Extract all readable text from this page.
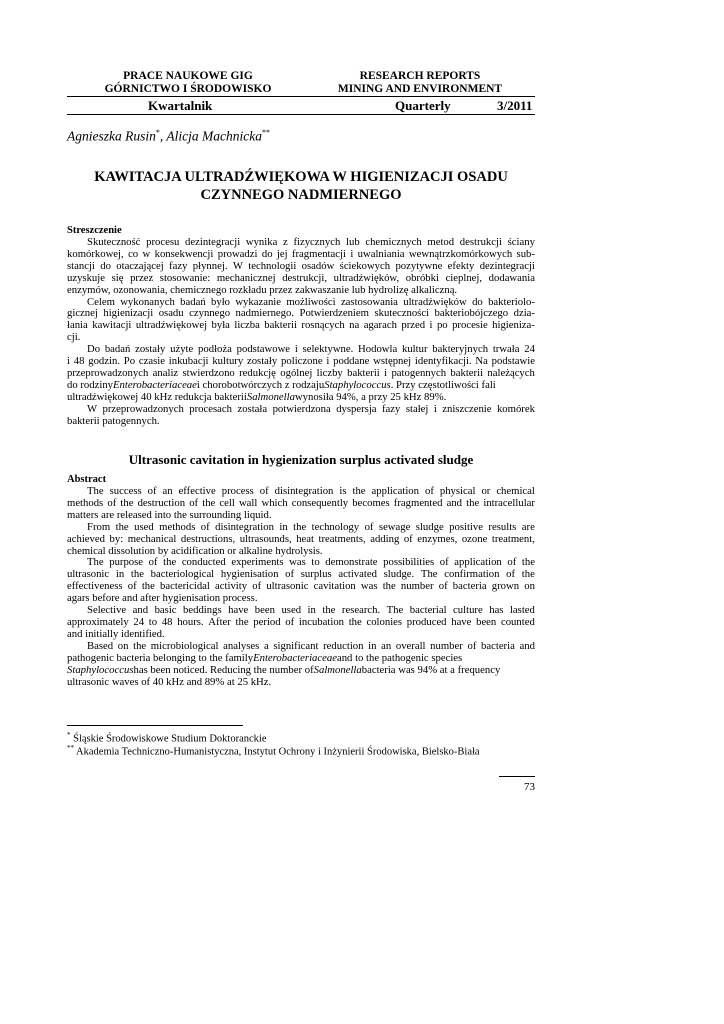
PRACE NAUKOWE GIG
GÓRNICTWO I ŚRODOWISKO
RESEARCH REPORTS
MINING AND ENVIRONMENT
Kwartalnik	Quarterly	3/2011
Agnieszka Rusin*, Alicja Machnicka**
KAWITACJA ULTRADŹWIĘKOWA W HIGIENIZACJI OSADU
CZYNNEGO NADMIERNEGO
Streszczenie
Skuteczność procesu dezintegracji wynika z fizycznych lub chemicznych metod destrukcji ściany
komórkowej, co w konsekwencji prowadzi do jej fragmentacji i uwalniania wewnątrzkomórkowych sub-
stancji do otaczającej fazy płynnej. W technologii osadów ściekowych pozytywne efekty dezintegracji
uzyskuje się przez stosowanie: mechanicznej destrukcji, ultradźwięków, obróbki cieplnej, dodawania
enzymów, ozonowania, chemicznego rozkładu przez zakwaszanie lub hydrolizę alkaliczną.
Celem wykonanych badań było wykazanie możliwości zastosowania ultradźwięków do bakteriolo-
gicznej higienizacji osadu czynnego nadmiernego. Potwierdzeniem skuteczności bakteriobójczego dzia-
łania kawitacji ultradźwiękowej była liczba bakterii rosnących na agarach przed i po procesie higieniza-
cji.
Do badań zostały użyte podłoża podstawowe i selektywne. Hodowla kultur bakteryjnych trwała 24
i 48 godzin. Po czasie inkubacji kultury zostały policzone i poddane wstępnej identyfikacji. Na podstawie
przeprowadzonych analiz stwierdzono redukcję ogólnej liczby bakterii i patogennych bakterii należących
do rodziny Enterobacteriaceae i chorobotwórczych z rodzaju Staphylococcus . Przy częstotliwości fali
ultradźwiękowej 40 kHz redukcja bakterii Salmonella wynosiła 94%, a przy 25 kHz 89%.
W przeprowadzonych procesach została potwierdzona dyspersja fazy stałej i zniszczenie komórek
bakterii patogennych.
Ultrasonic cavitation in hygienization surplus activated sludge
Abstract
The success of an effective process of disintegration is the application of physical or chemical
methods of the destruction of the cell wall which consequently becomes fragmented and the intracellular
matters are released into the surrounding liquid.
From the used methods of disintegration in the technology of sewage sludge positive results are
achieved by: mechanical destructions, ultrasounds, heat treatments, adding of enzymes, ozone treatment,
chemical dissolution by acidification or alkaline hydrolysis.
The purpose of the conducted experiments was to demonstrate possibilities of application of the
ultrasonic in the bacteriological hygienisation of surplus activated sludge. The confirmation of the
effectiveness of the bactericidal activity of ultrasonic cavitation was the number of bacteria grown on
agars before and after hygienisation process.
Selective and basic beddings have been used in the research. The bacterial culture has lasted
approximately 24 to 48 hours. After the period of incubation the colonies produced have been counted
and initially identified.
Based on the microbiological analyses a significant reduction in an overall number of bacteria and
pathogenic bacteria belonging to the family Enterobacteriaceae and to the pathogenic species
Staphylococcus has been noticed. Reducing the number of Salmonella bacteria was 94% at a frequency
ultrasonic waves of 40 kHz and 89% at 25 kHz.
* Śląskie Środowiskowe Studium Doktoranckie
** Akademia Techniczno-Humanistyczna, Instytut Ochrony i Inżynierii Środowiska, Bielsko-Biała
73
